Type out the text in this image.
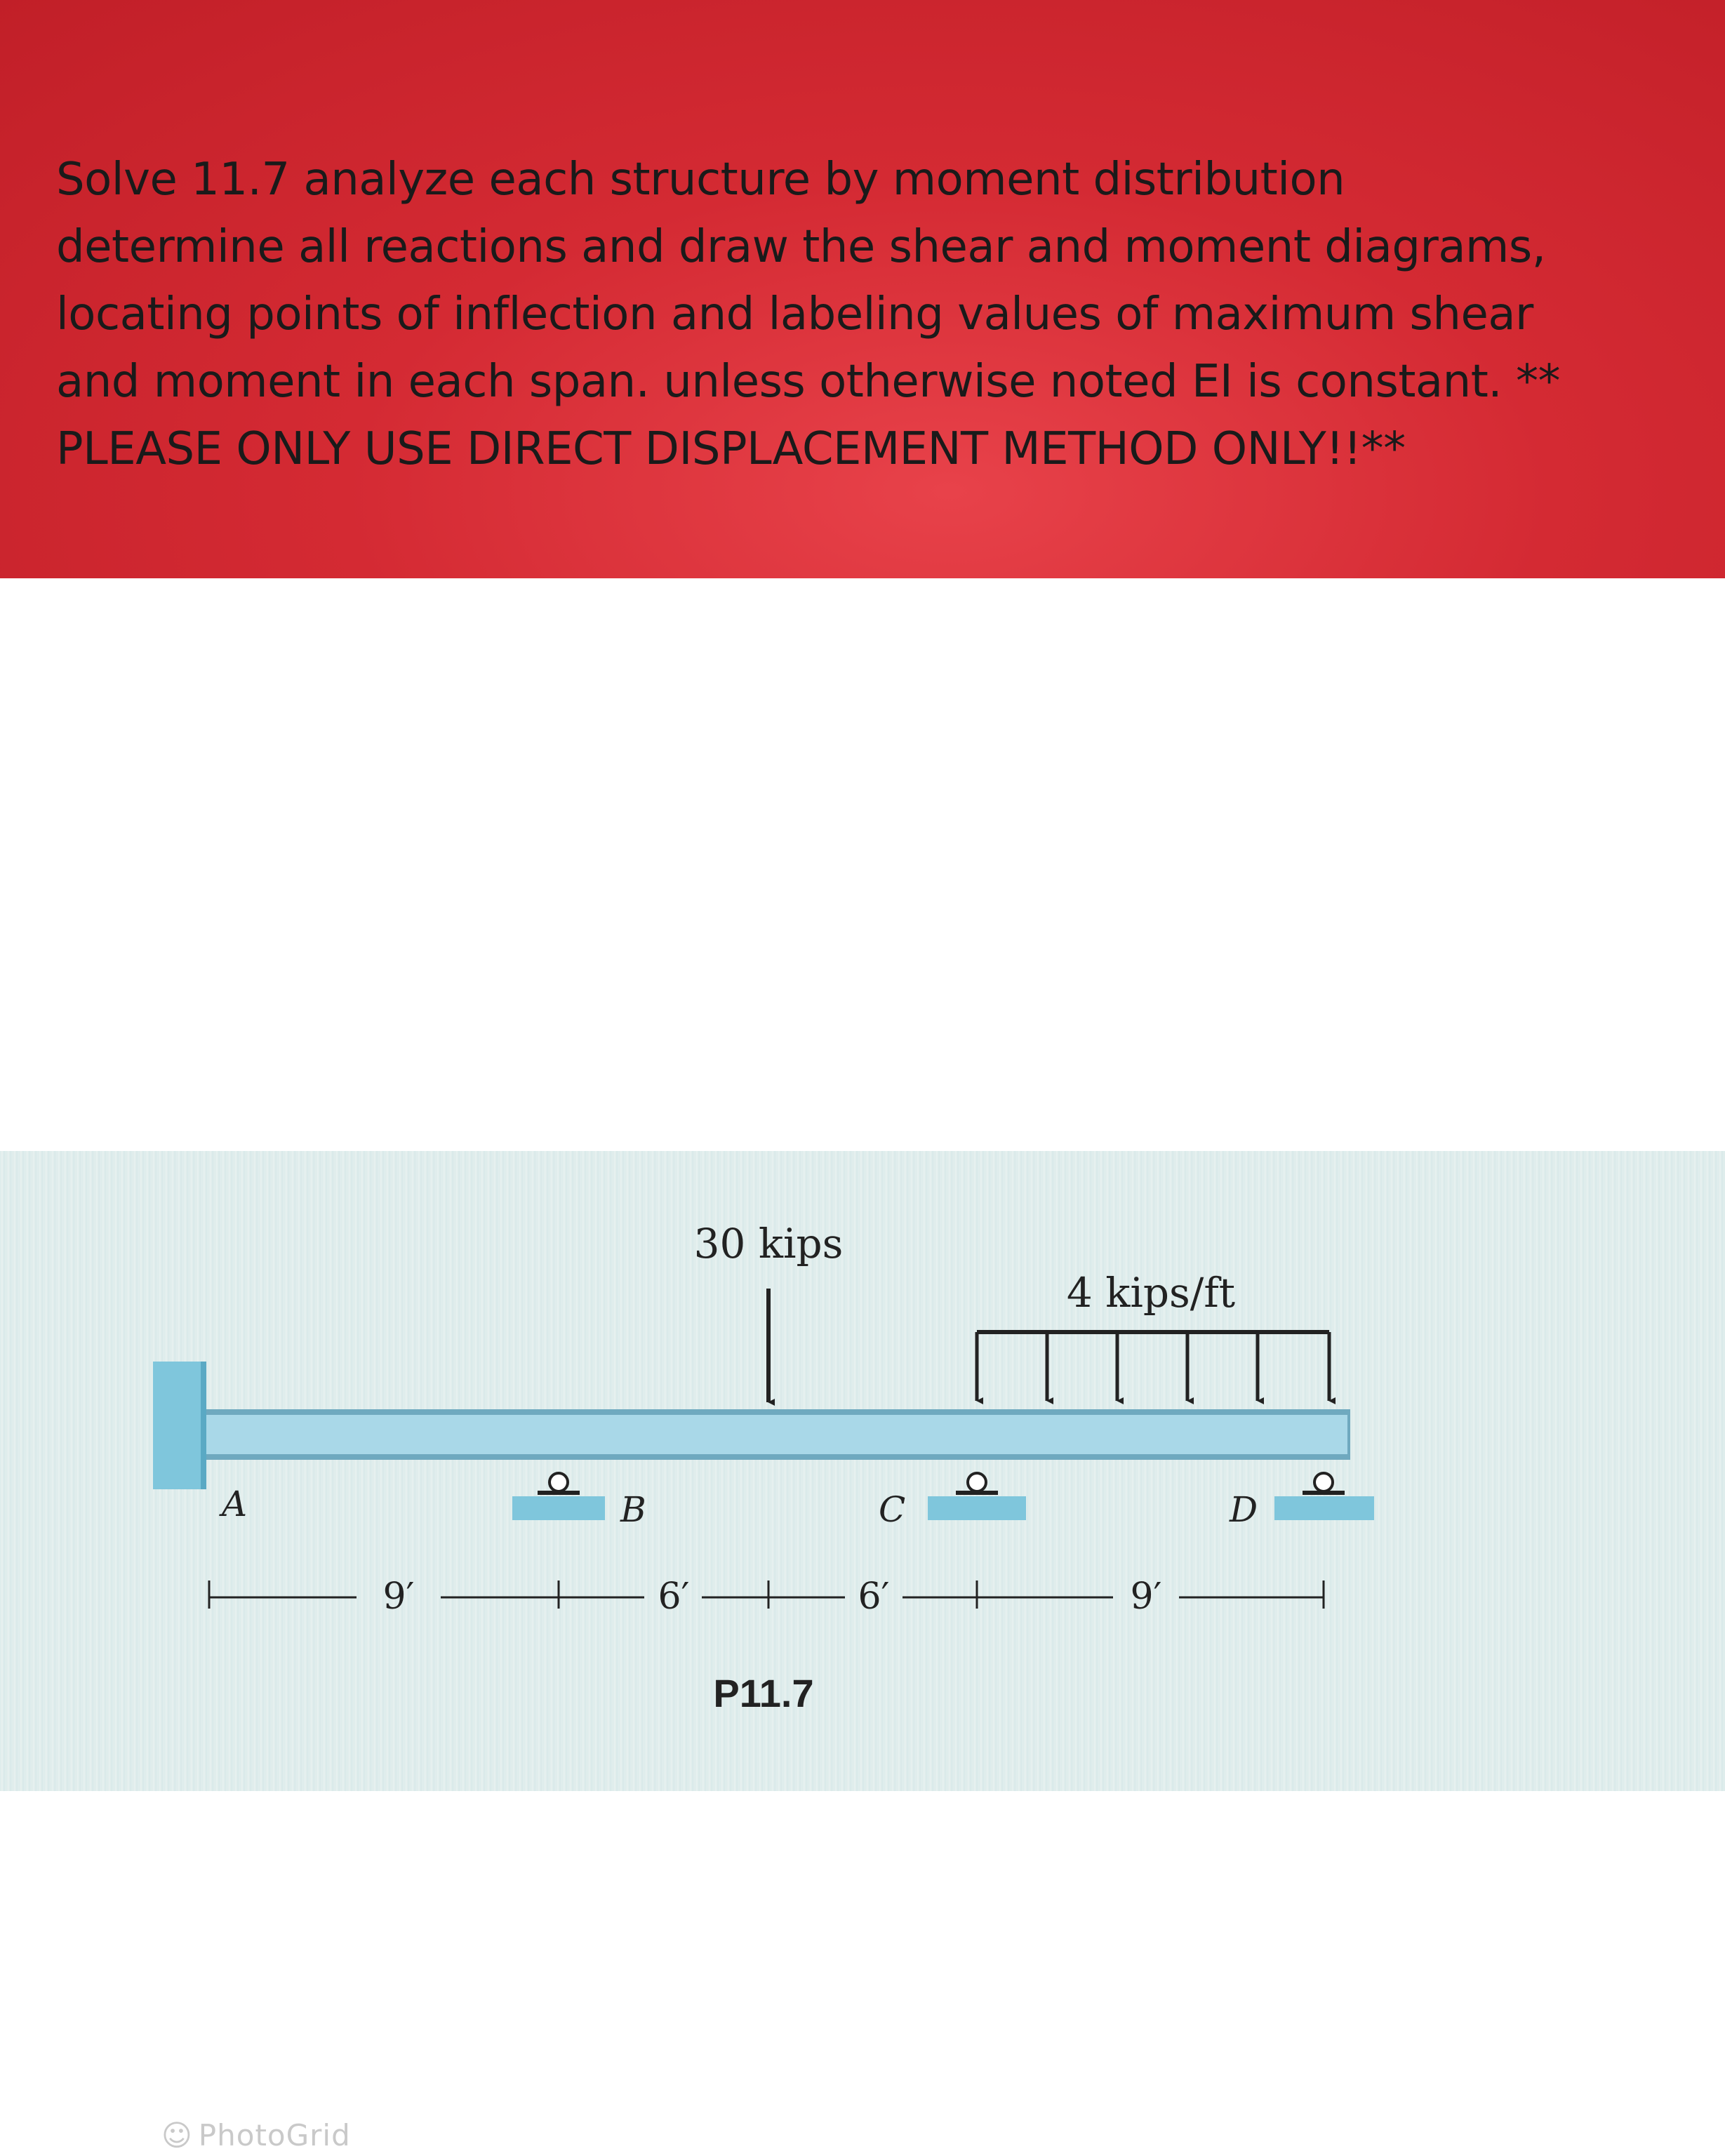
Solve 11.7 analyze each structure by moment distribution
determine all reactions and draw the shear and moment diagrams,
locating points of inflection and labeling values of maximum shear
and moment in each span. unless otherwise noted EI is constant. **
PLEASE ONLY USE DIRECT DISPLACEMENT METHOD ONLY!!**

30 kips
4 kips/ft
A	B	C	D
9′	6′	6′	9′
P11.7
☺ PhotoGrid
